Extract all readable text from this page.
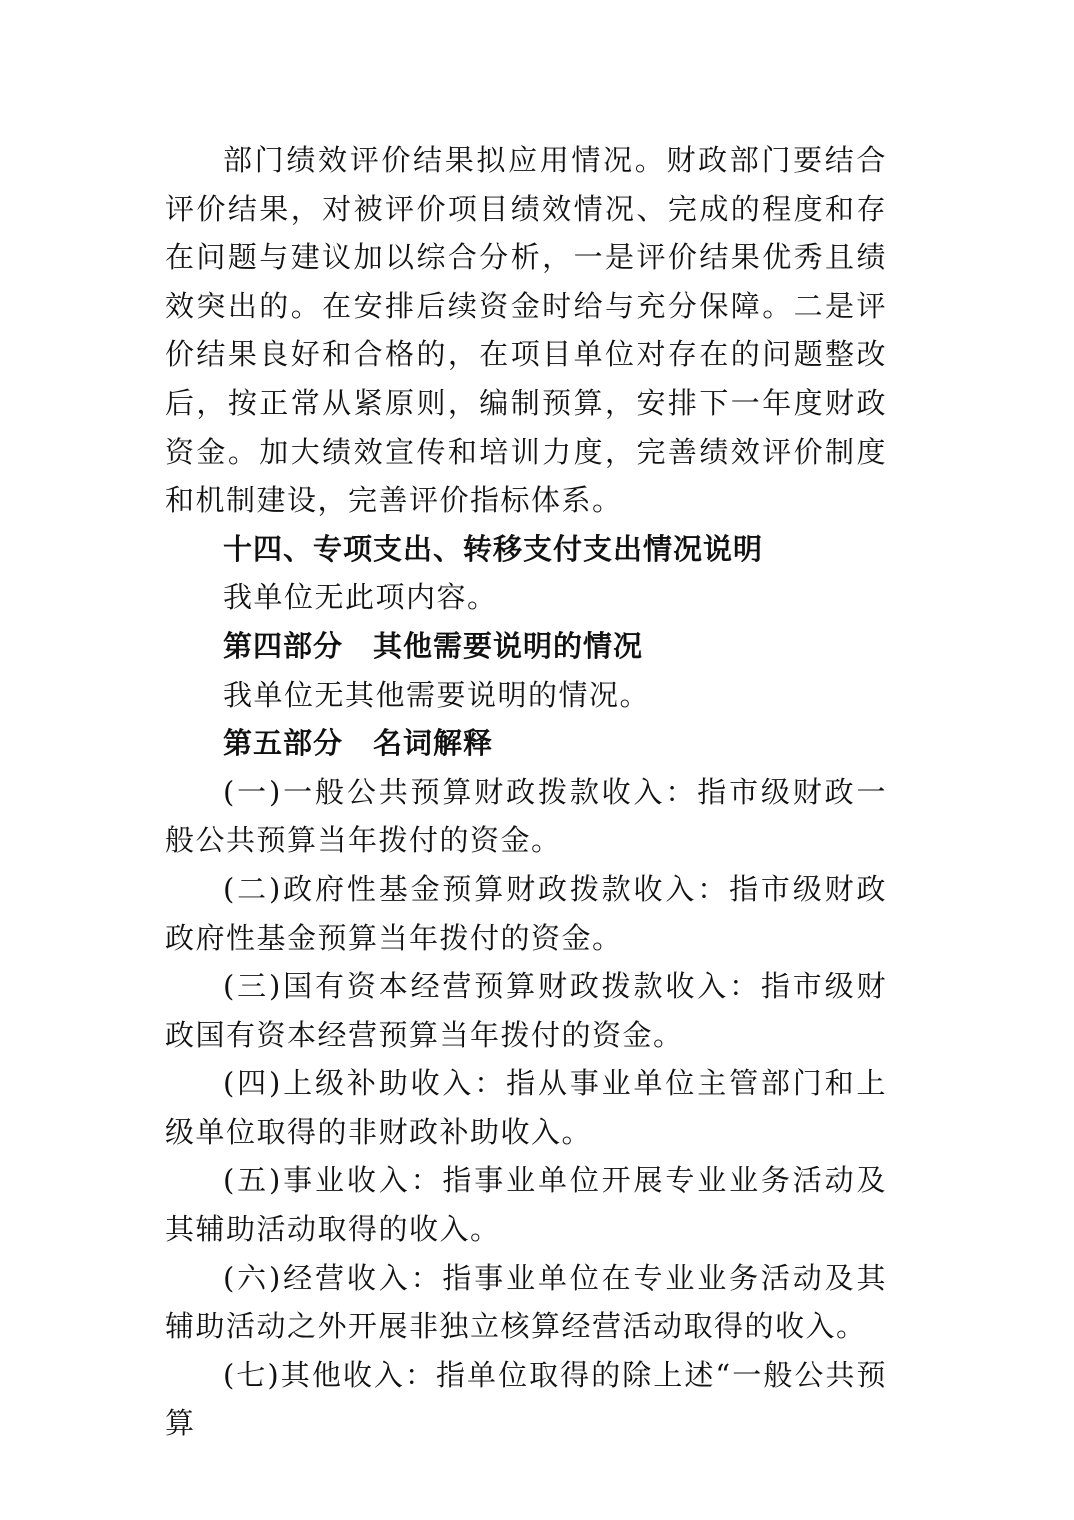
部门绩效评价结果拟应用情况。财政部门要结合评价结果，对被评价项目绩效情况、完成的程度和存在问题与建议加以综合分析，一是评价结果优秀且绩效突出的。在安排后续资金时给与充分保障。二是评价结果良好和合格的，在项目单位对存在的问题整改后，按正常从紧原则，编制预算，安排下一年度财政资金。加大绩效宣传和培训力度，完善绩效评价制度和机制建设，完善评价指标体系。

十四、专项支出、转移支付支出情况说明

我单位无此项内容。

第四部分　其他需要说明的情况

我单位无其他需要说明的情况。

第五部分　名词解释

(一)一般公共预算财政拨款收入：指市级财政一般公共预算当年拨付的资金。

(二)政府性基金预算财政拨款收入：指市级财政政府性基金预算当年拨付的资金。

(三)国有资本经营预算财政拨款收入：指市级财政国有资本经营预算当年拨付的资金。

(四)上级补助收入：指从事业单位主管部门和上级单位取得的非财政补助收入。

(五)事业收入：指事业单位开展专业业务活动及其辅助活动取得的收入。

(六)经营收入：指事业单位在专业业务活动及其辅助活动之外开展非独立核算经营活动取得的收入。

(七)其他收入：指单位取得的除上述“一般公共预算
